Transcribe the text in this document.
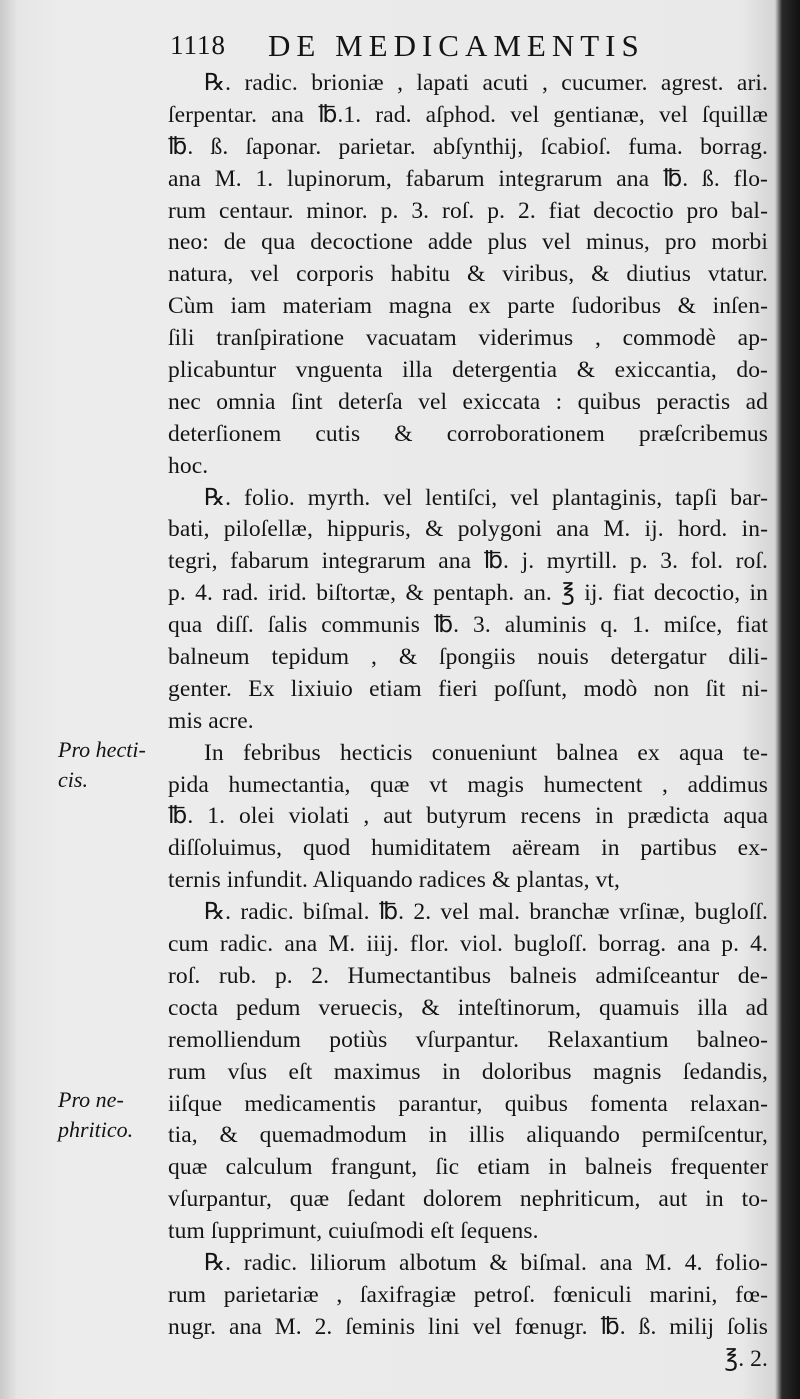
1118 DE MEDICAMENTIS
Pro hecti-
cis.
Pro ne-
phritico.
℞. radic. brioniæ , lapati acuti , cucumer. agrest. ari.
ſerpentar. ana ℔.1. rad. aſphod. vel gentianæ, vel ſquillæ
℔. ß. ſaponar. parietar. abſynthij, ſcabioſ. fuma. borrag.
ana M. 1. lupinorum, fabarum integrarum ana ℔. ß. flo-
rum centaur. minor. p. 3. roſ. p. 2. fiat decoctio pro bal-
neo: de qua decoctione adde plus vel minus, pro morbi
natura, vel corporis habitu & viribus, & diutius vtatur.
Cùm iam materiam magna ex parte ſudoribus & inſen-
ſili tranſpiratione vacuatam viderimus , commodè ap-
plicabuntur vnguenta illa detergentia & exiccantia, do-
nec omnia ſint deterſa vel exiccata : quibus peractis ad
deterſionem cutis & corroborationem præſcribemus
hoc.
℞. folio. myrth. vel lentiſci, vel plantaginis, tapſi bar-
bati, piloſellæ, hippuris, & polygoni ana M. ij. hord. in-
tegri, fabarum integrarum ana ℔. j. myrtill. p. 3. fol. roſ.
p. 4. rad. irid. biſtortæ, & pentaph. an. ℥ ij. fiat decoctio, in
qua diſſ. ſalis communis ℔. 3. aluminis q. 1. miſce, fiat
balneum tepidum , & ſpongiis nouis detergatur dili-
genter. Ex lixiuio etiam fieri poſſunt, modò non ſit ni-
mis acre.
In febribus hecticis conueniunt balnea ex aqua te-
pida humectantia, quæ vt magis humectent , addimus
℔. 1. olei violati , aut butyrum recens in prædicta aqua
diſſoluimus, quod humiditatem aëream in partibus ex-
ternis infundit. Aliquando radices & plantas, vt,
℞. radic. biſmal. ℔. 2. vel mal. branchæ vrſinæ, bugloſſ.
cum radic. ana M. iiij. flor. viol. bugloſſ. borrag. ana p. 4.
roſ. rub. p. 2. Humectantibus balneis admiſceantur de-
cocta pedum veruecis, & inteſtinorum, quamuis illa ad
remolliendum potiùs vſurpantur. Relaxantium balneo-
rum vſus eſt maximus in doloribus magnis ſedandis,
iiſque medicamentis parantur, quibus fomenta relaxan-
tia, & quemadmodum in illis aliquando permiſcentur,
quæ calculum frangunt, ſic etiam in balneis frequenter
vſurpantur, quæ ſedant dolorem nephriticum, aut in to-
tum ſupprimunt, cuiuſmodi eſt ſequens.
℞. radic. liliorum albotum & biſmal. ana M. 4. folio-
rum parietariæ , ſaxifragiæ petroſ. fœniculi marini, fœ-
nugr. ana M. 2. ſeminis lini vel fœnugr. ℔. ß. milij ſolis
℥. 2.
